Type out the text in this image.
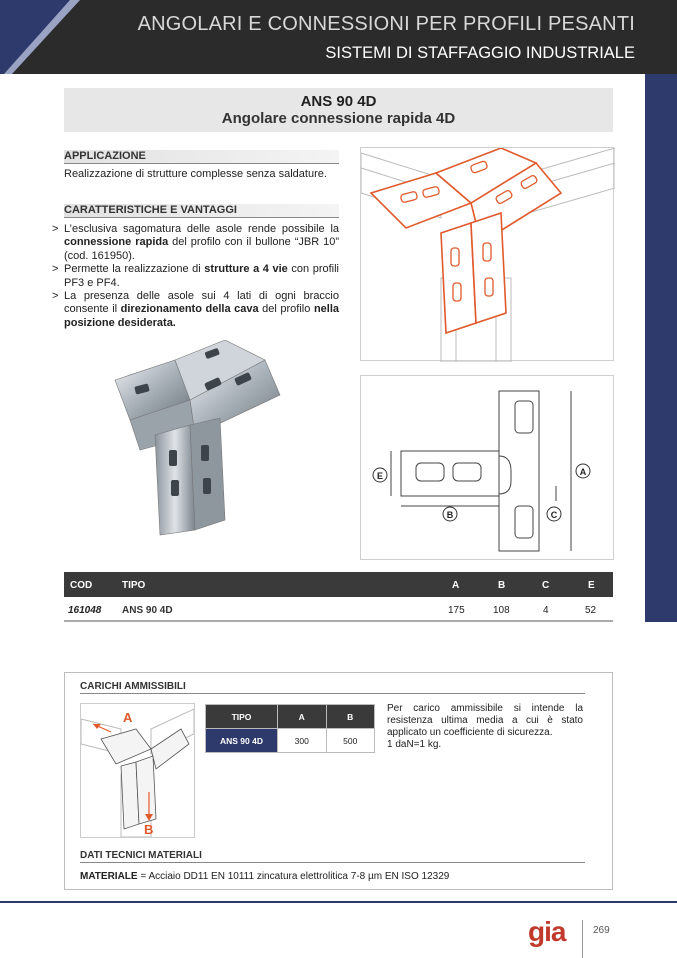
ANGOLARI E CONNESSIONI PER PROFILI PESANTI
SISTEMI DI STAFFAGGIO INDUSTRIALE
ANS 90 4D
Angolare connessione rapida 4D
APPLICAZIONE
Realizzazione di strutture complesse senza saldature.
CARATTERISTICHE E VANTAGGI
> L’esclusiva sagomatura delle asole rende possibile la connessione rapida del profilo con il bullone “JBR 10” (cod. 161950).
> Permette la realizzazione di strutture a 4 vie con profili PF3 e PF4.
> La presenza delle asole sui 4 lati di ogni braccio consente il direzionamento della cava del profilo nella posizione desiderata.
A
B	C
E
COD	TIPO	A	B	C	E
161048 ANS 90 4D	175	108	4	52
CARICHI AMMISSIBILI
A
B
TIPO	A	B
ANS 90 4D	300	500
Per carico ammissibile si intende la resistenza ultima media a cui è stato applicato un coefficiente di sicurezza.
1 daN=1 kg.
DATI TECNICI MATERIALI
MATERIALE = Acciaio DD11 EN 10111 zincatura elettrolitica 7-8 µm EN ISO 12329
gia	269
